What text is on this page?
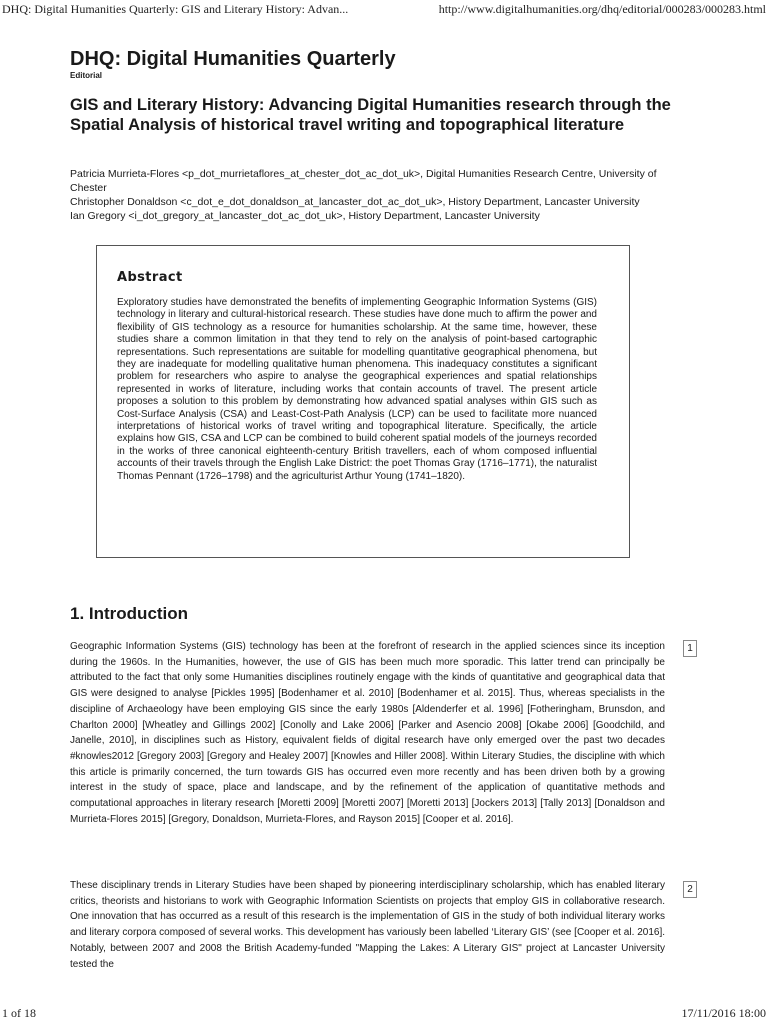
DHQ: Digital Humanities Quarterly: GIS and Literary History: Advan...	http://www.digitalhumanities.org/dhq/editorial/000283/000283.html
DHQ: Digital Humanities Quarterly
Editorial
GIS and Literary History: Advancing Digital Humanities research through the Spatial Analysis of historical travel writing and topographical literature
Patricia Murrieta-Flores <p_dot_murrietaflores_at_chester_dot_ac_dot_uk>, Digital Humanities Research Centre, University of Chester
Christopher Donaldson <c_dot_e_dot_donaldson_at_lancaster_dot_ac_dot_uk>, History Department, Lancaster University
Ian Gregory <i_dot_gregory_at_lancaster_dot_ac_dot_uk>, History Department, Lancaster University
Abstract

Exploratory studies have demonstrated the benefits of implementing Geographic Information Systems (GIS) technology in literary and cultural-historical research. These studies have done much to affirm the power and flexibility of GIS technology as a resource for humanities scholarship. At the same time, however, these studies share a common limitation in that they tend to rely on the analysis of point-based cartographic representations. Such representations are suitable for modelling quantitative geographical phenomena, but they are inadequate for modelling qualitative human phenomena. This inadequacy constitutes a significant problem for researchers who aspire to analyse the geographical experiences and spatial relationships represented in works of literature, including works that contain accounts of travel. The present article proposes a solution to this problem by demonstrating how advanced spatial analyses within GIS such as Cost-Surface Analysis (CSA) and Least-Cost-Path Analysis (LCP) can be used to facilitate more nuanced interpretations of historical works of travel writing and topographical literature. Specifically, the article explains how GIS, CSA and LCP can be combined to build coherent spatial models of the journeys recorded in the works of three canonical eighteenth-century British travellers, each of whom composed influential accounts of their travels through the English Lake District: the poet Thomas Gray (1716–1771), the naturalist Thomas Pennant (1726–1798) and the agriculturist Arthur Young (1741–1820).

1. Introduction

Geographic Information Systems (GIS) technology has been at the forefront of research in the applied sciences since its inception during the 1960s. In the Humanities, however, the use of GIS has been much more sporadic. This latter trend can principally be attributed to the fact that only some Humanities disciplines routinely engage with the kinds of quantitative and geographical data that GIS were designed to analyse [Pickles 1995] [Bodenhamer et al. 2010] [Bodenhamer et al. 2015]. Thus, whereas specialists in the discipline of Archaeology have been employing GIS since the early 1980s [Aldenderfer et al. 1996] [Fotheringham, Brunsdon, and Charlton 2000] [Wheatley and Gillings 2002] [Conolly and Lake 2006] [Parker and Asencio 2008] [Okabe 2006] [Goodchild, and Janelle, 2010], in disciplines such as History, equivalent fields of digital research have only emerged over the past two decades #knowles2012 [Gregory 2003] [Gregory and Healey 2007] [Knowles and Hiller 2008]. Within Literary Studies, the discipline with which this article is primarily concerned, the turn towards GIS has occurred even more recently and has been driven both by a growing interest in the study of space, place and landscape, and by the refinement of the application of quantitative methods and computational approaches in literary research [Moretti 2009] [Moretti 2007] [Moretti 2013] [Jockers 2013] [Tally 2013] [Donaldson and Murrieta-Flores 2015] [Gregory, Donaldson, Murrieta-Flores, and Rayson 2015] [Cooper et al. 2016].

1

These disciplinary trends in Literary Studies have been shaped by pioneering interdisciplinary scholarship, which has enabled literary critics, theorists and historians to work with Geographic Information Scientists on projects that employ GIS in collaborative research. One innovation that has occurred as a result of this research is the implementation of GIS in the study of both individual literary works and literary corpora composed of several works. This development has variously been labelled ‘Literary GIS’ (see [Cooper et al. 2016]. Notably, between 2007 and 2008 the British Academy-funded "Mapping the Lakes: A Literary GIS" project at Lancaster University tested the

2
1 of 18	17/11/2016 18:00
